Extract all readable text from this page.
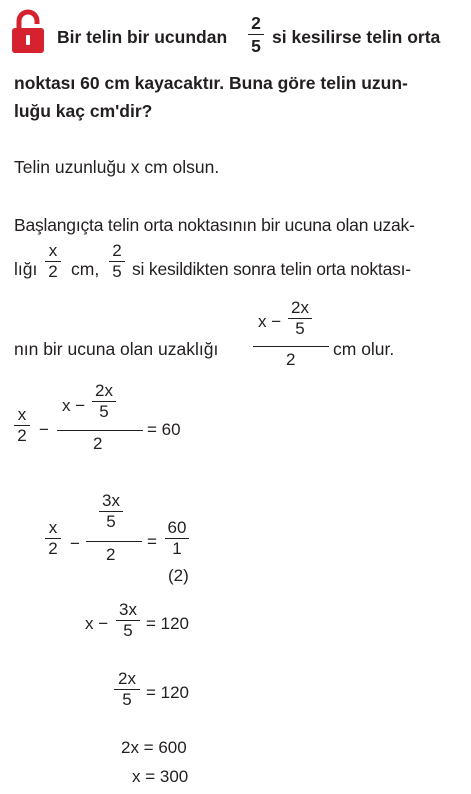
Bir telin bir ucundan
2
5 si kesilirse telin orta
noktası 60 cm kayacaktır. Buna göre telin uzun-
luğu kaç cm'dir?
Telin uzunluğu x cm olsun.
Başlangıçta telin orta noktasının bir ucuna olan uzak-
lığı
x
2 cm,
2
5 si kesildikten sonra telin orta noktası-
nın bir ucuna olan uzaklığı
x −
2x
5
2
cm olur.
x
2 −
x −
2x
5
2
= 60
x
2 −
3x
5
2
=
60
1
(2)
x −
3x
5 = 120
2x
5 = 120
2x = 600
x = 300
